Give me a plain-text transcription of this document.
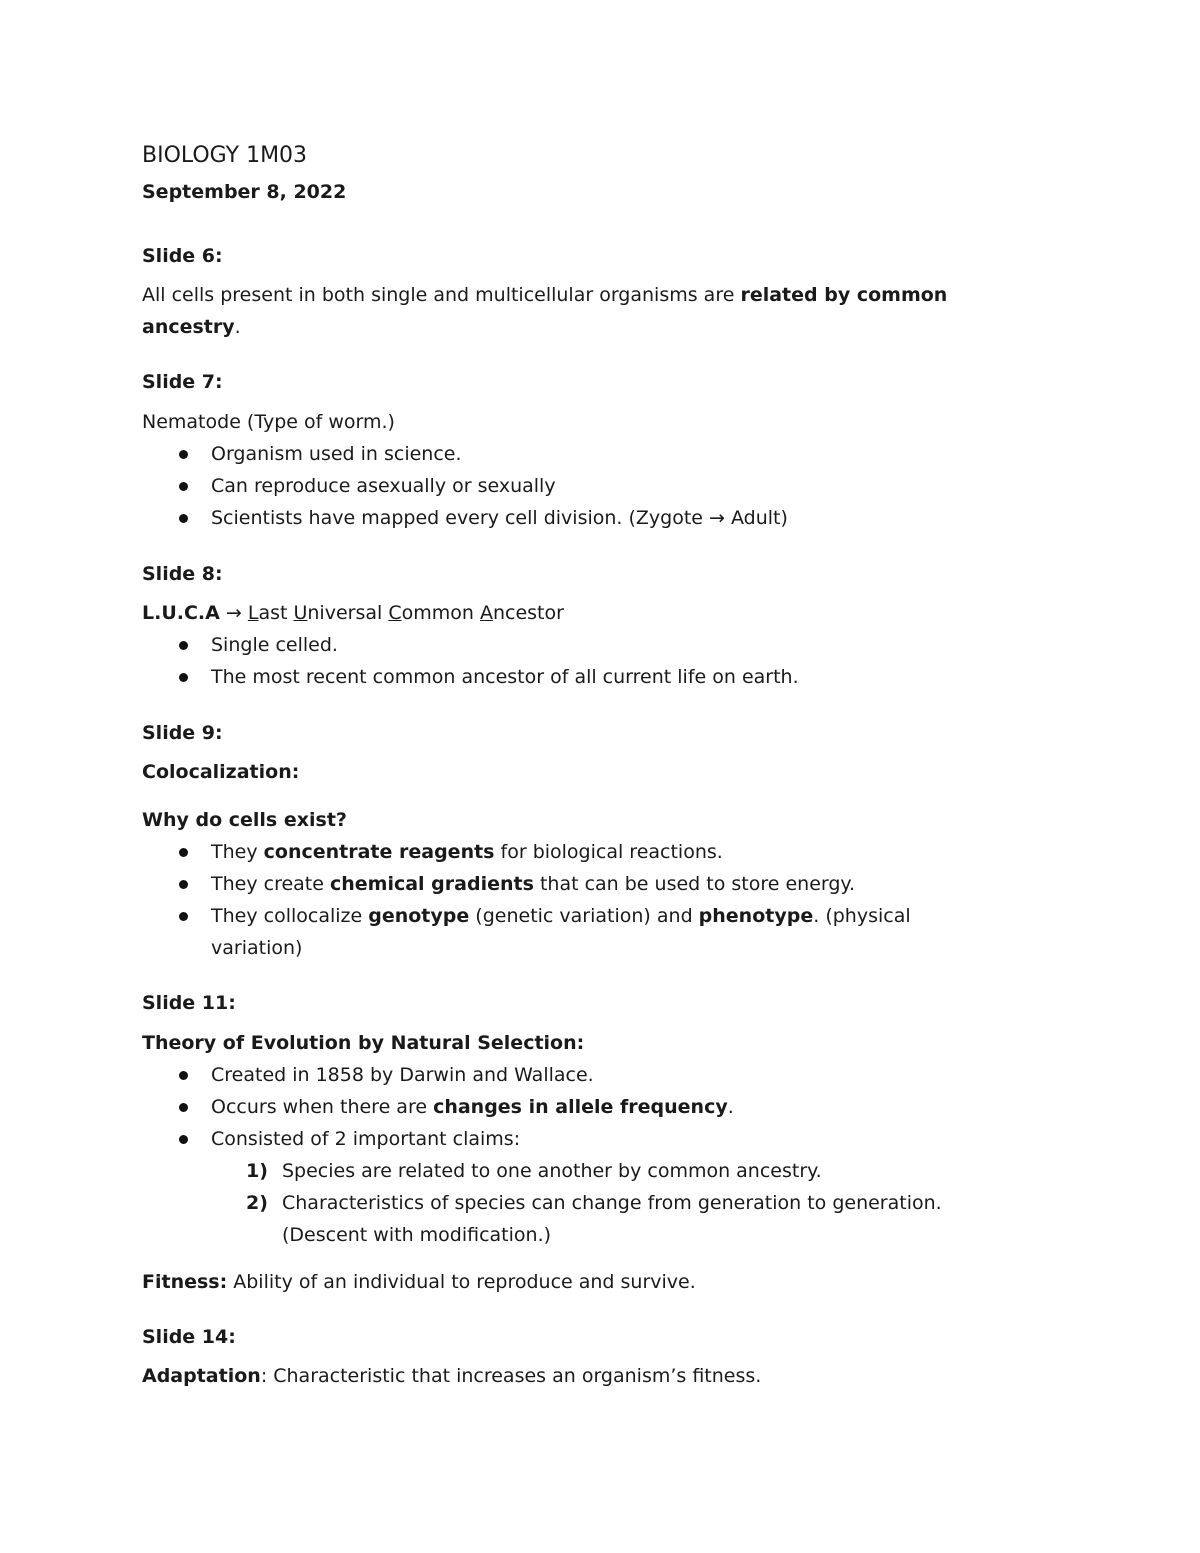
BIOLOGY 1M03
September 8, 2022
Slide 6:
All cells present in both single and multicellular organisms are related by common
ancestry.
Slide 7:
Nematode (Type of worm.)
Organism used in science.
Can reproduce asexually or sexually
Scientists have mapped every cell division. (Zygote → Adult)
Slide 8:
L.U.C.A → Last Universal Common Ancestor
Single celled.
The most recent common ancestor of all current life on earth.
Slide 9:
Colocalization:
Why do cells exist?
They concentrate reagents for biological reactions.
They create chemical gradients that can be used to store energy.
They collocalize genotype (genetic variation) and phenotype. (physical
variation)
Slide 11:
Theory of Evolution by Natural Selection:
Created in 1858 by Darwin and Wallace.
Occurs when there are changes in allele frequency.
Consisted of 2 important claims:
1) Species are related to one another by common ancestry.
2) Characteristics of species can change from generation to generation.
(Descent with modification.)
Fitness: Ability of an individual to reproduce and survive.
Slide 14:
Adaptation: Characteristic that increases an organism’s fitness.
